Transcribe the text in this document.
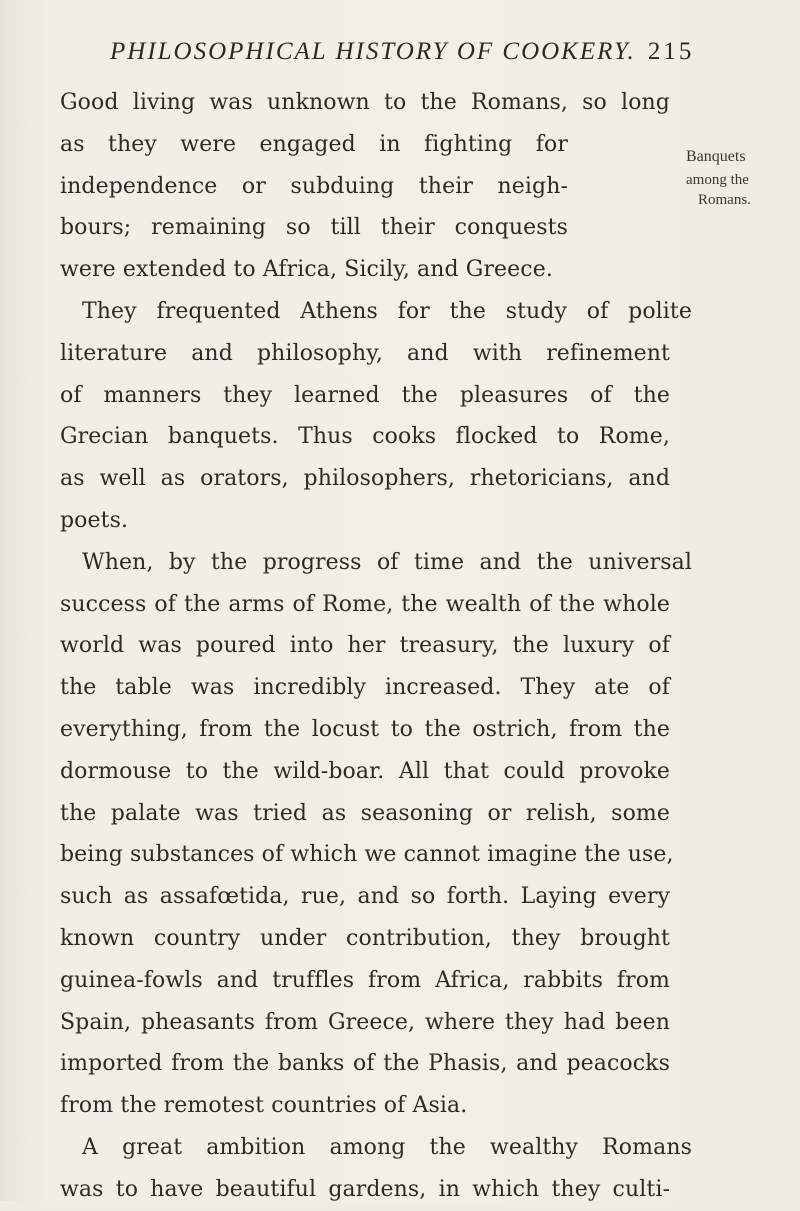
PHILOSOPHICAL HISTORY OF COOKERY. 215
Banquets
among the
Romans.
Good living was unknown to the Romans, so long
as they were engaged in fighting for
independence or subduing their neigh-
bours; remaining so till their conquests
were extended to Africa, Sicily, and Greece.
They frequented Athens for the study of polite
literature and philosophy, and with refinement
of manners they learned the pleasures of the
Grecian banquets. Thus cooks flocked to Rome,
as well as orators, philosophers, rhetoricians, and
poets.
When, by the progress of time and the universal
success of the arms of Rome, the wealth of the whole
world was poured into her treasury, the luxury of
the table was incredibly increased. They ate of
everything, from the locust to the ostrich, from the
dormouse to the wild-boar. All that could provoke
the palate was tried as seasoning or relish, some
being substances of which we cannot imagine the use,
such as assafœtida, rue, and so forth. Laying every
known country under contribution, they brought
guinea-fowls and truffles from Africa, rabbits from
Spain, pheasants from Greece, where they had been
imported from the banks of the Phasis, and peacocks
from the remotest countries of Asia.
A great ambition among the wealthy Romans
was to have beautiful gardens, in which they culti-
